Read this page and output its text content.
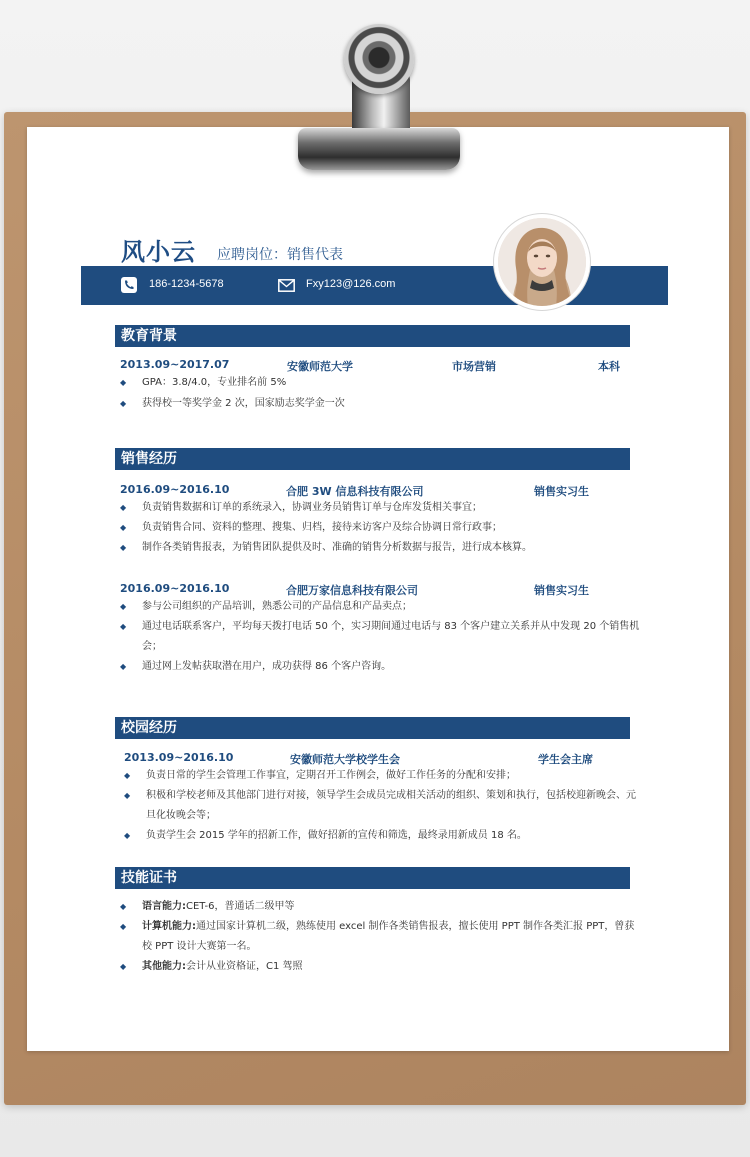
风小云 应聘岗位：销售代表
186-1234-5678	Fxy123@126.com
教育背景
2013.09~2017.07	安徽师范大学	市场营销	本科
◆ GPA：3.8/4.0，专业排名前 5%
◆ 获得校一等奖学金 2 次，国家励志奖学金一次
销售经历
2016.09~2016.10	合肥 3W 信息科技有限公司	销售实习生
◆ 负责销售数据和订单的系统录入，协调业务员销售订单与仓库发货相关事宜；
◆ 负责销售合同、资料的整理、搜集、归档，接待来访客户及综合协调日常行政事；
◆ 制作各类销售报表，为销售团队提供及时、准确的销售分析数据与报告，进行成本核算。
2016.09~2016.10	合肥万家信息科技有限公司	销售实习生
◆ 参与公司组织的产品培训，熟悉公司的产品信息和产品卖点；
◆ 通过电话联系客户，平均每天拨打电话 50 个，实习期间通过电话与 83 个客户建立关系并从中发现 20 个销售机会；
◆ 通过网上发帖获取潜在用户，成功获得 86 个客户咨询。
校园经历
2013.09~2016.10	安徽师范大学校学生会	学生会主席
◆ 负责日常的学生会管理工作事宜，定期召开工作例会，做好工作任务的分配和安排；
◆ 积极和学校老师及其他部门进行对接，领导学生会成员完成相关活动的组织、策划和执行，包括校迎新晚会、元旦化妆晚会等；
◆ 负责学生会 2015 学年的招新工作，做好招新的宣传和筛选，最终录用新成员 18 名。
技能证书
◆ 语言能力:CET-6，普通话二级甲等
◆ 计算机能力:通过国家计算机二级，熟练使用 excel 制作各类销售报表，擅长使用 PPT 制作各类汇报 PPT，曾获校 PPT 设计大赛第一名。
◆ 其他能力:会计从业资格证，C1 驾照
